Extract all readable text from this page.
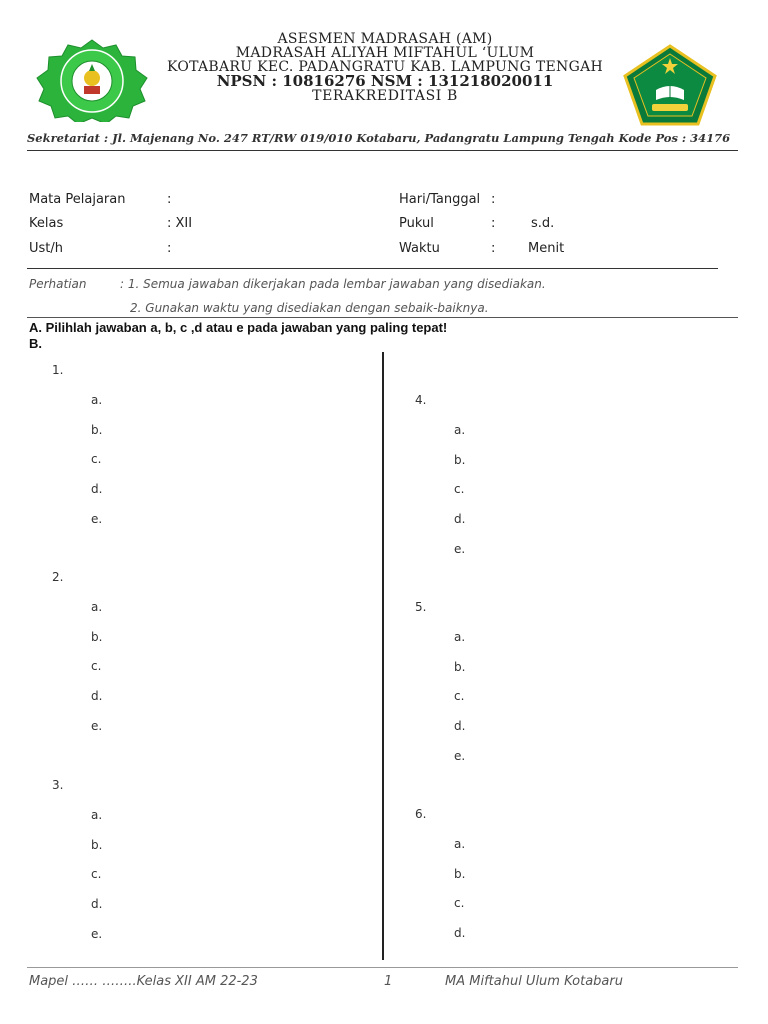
ASESMEN MADRASAH (AM)
MADRASAH ALIYAH MIFTAHUL ‘ULUM
KOTABARU KEC. PADANGRATU KAB. LAMPUNG TENGAH
NPSN : 10816276 NSM : 131218020011
TERAKREDITASI B
Sekretariat : Jl. Majenang No. 247 RT/RW 019/010 Kotabaru, Padangratu Lampung Tengah Kode Pos : 34176
Mata Pelajaran	:
Kelas	: XII
Ust/h	:
Hari/Tanggal :
Pukul	:	s.d.
Waktu	:	Menit
Perhatian	: 1. Semua jawaban dikerjakan pada lembar jawaban yang disediakan.
2. Gunakan waktu yang disediakan dengan sebaik-baiknya.
A. Pilihlah jawaban a, b, c ,d atau e pada jawaban yang paling tepat!
B.
1.
a.
b.
c.
d.
e.
2.
a.
b.
c.
d.
e.
3.
a.
b.
c.
d.
e.
4.
a.
b.
c.
d.
e.
5.
a.
b.
c.
d.
e.
6.
a.
b.
c.
d.
Mapel …… ……..Kelas XII AM 22-23	1	MA Miftahul Ulum Kotabaru
